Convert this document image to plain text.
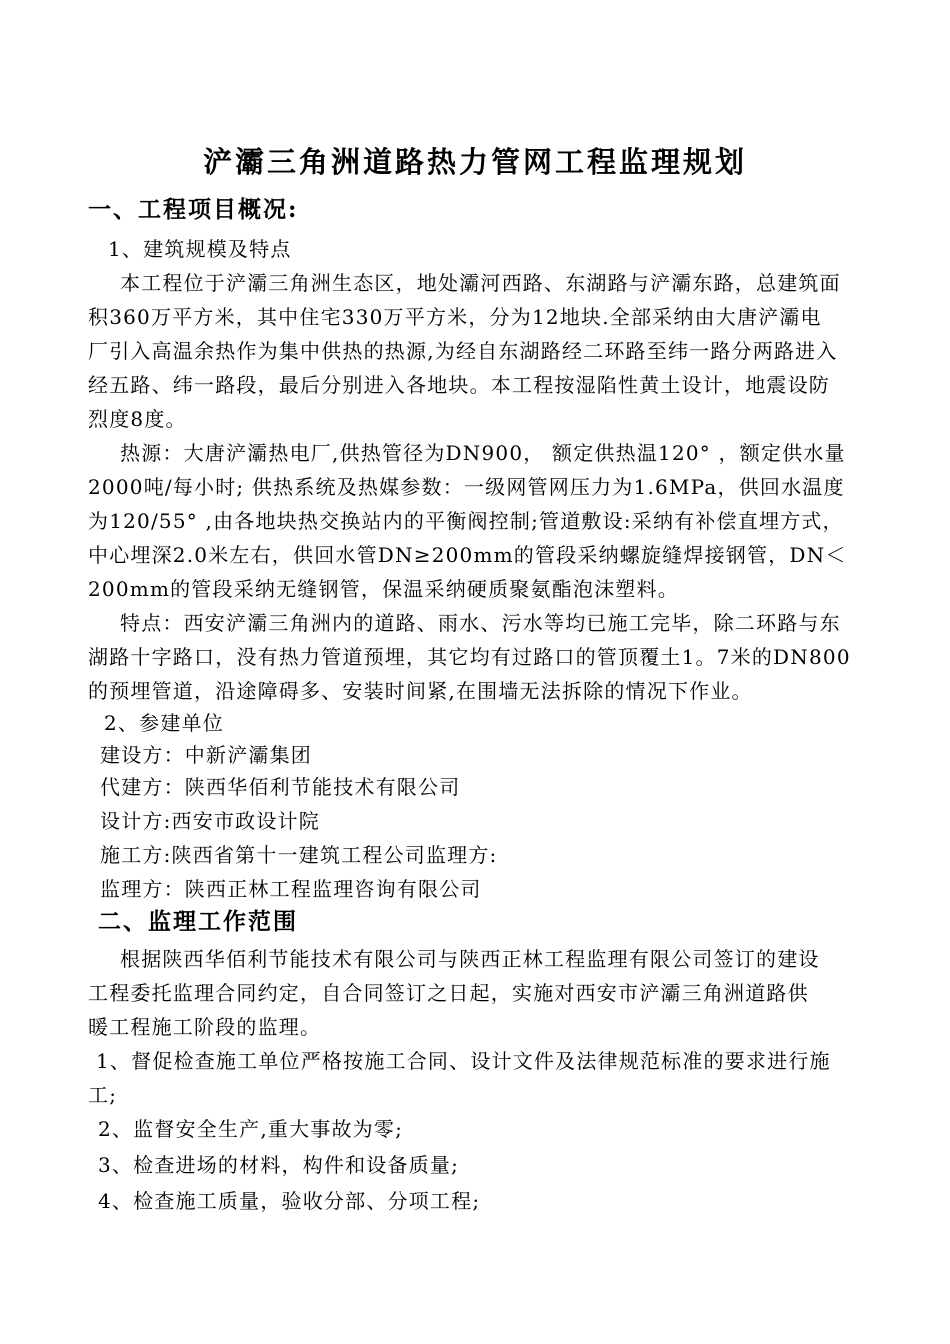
浐灞三角洲道路热力管网工程监理规划
一、工程项目概况:
1、建筑规模及特点
本工程位于浐灞三角洲生态区，地处灞河西路、东湖路与浐灞东路，总建筑面
积360万平方米，其中住宅330万平方米，分为12地块.全部采纳由大唐浐灞电
厂引入高温余热作为集中供热的热源,为经自东湖路经二环路至纬一路分两路进入
经五路、纬一路段，最后分别进入各地块。本工程按湿陷性黄土设计，地震设防
烈度8度。
热源：大唐浐灞热电厂,供热管径为DN900， 额定供热温120° ，额定供水量
2000吨/每小时; 供热系统及热媒参数：一级网管网压力为1.6MPa，供回水温度
为120/55° ,由各地块热交换站内的平衡阀控制;管道敷设:采纳有补偿直埋方式，
中心埋深2.0米左右，供回水管DN≥200mm的管段采纳螺旋缝焊接钢管，DN＜
200mm的管段采纳无缝钢管，保温采纳硬质聚氨酯泡沫塑料。
特点：西安浐灞三角洲内的道路、雨水、污水等均已施工完毕，除二环路与东
湖路十字路口，没有热力管道预埋，其它均有过路口的管顶覆土1。7米的DN800
的预埋管道，沿途障碍多、安装时间紧,在围墙无法拆除的情况下作业。
2、参建单位
建设方：中新浐灞集团
代建方：陕西华佰利节能技术有限公司
设计方:西安市政设计院
施工方:陕西省第十一建筑工程公司监理方:
监理方：陕西正林工程监理咨询有限公司
二、监理工作范围
根据陕西华佰利节能技术有限公司与陕西正林工程监理有限公司签订的建设
工程委托监理合同约定，自合同签订之日起，实施对西安市浐灞三角洲道路供
暖工程施工阶段的监理。
1、督促检查施工单位严格按施工合同、设计文件及法律规范标准的要求进行施
工;
2、监督安全生产,重大事故为零;
3、检查进场的材料，构件和设备质量;
4、检查施工质量，验收分部、分项工程;
